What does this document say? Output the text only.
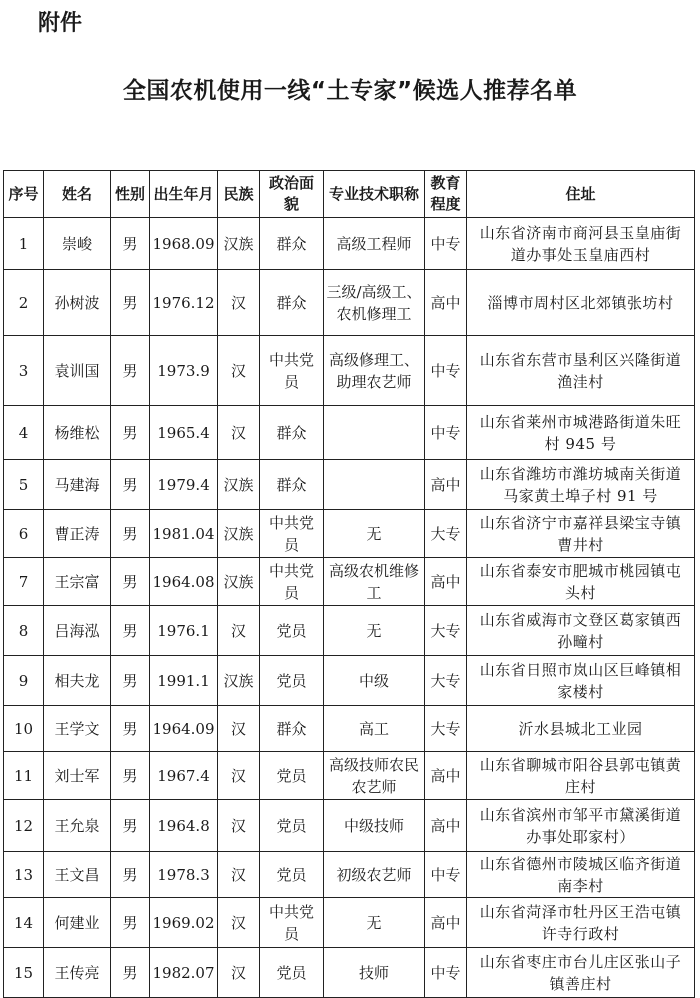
附件
全国农机使用一线“土专家”候选人推荐名单
序号	姓名	性别	出生年月	民族	政治面貌	专业技术职称	教育程度	住址
1	崇峻	男	1968.09	汉族	群众	高级工程师	中专	山东省济南市商河县玉皇庙街道办事处玉皇庙西村
2	孙树波	男	1976.12	汉	群众	三级/高级工、农机修理工	高中	淄博市周村区北郊镇张坊村
3	袁训国	男	1973.9	汉	中共党员	高级修理工、助理农艺师	中专	山东省东营市垦利区兴隆街道渔洼村
4	杨维松	男	1965.4	汉	群众		中专	山东省莱州市城港路街道朱旺村 945 号
5	马建海	男	1979.4	汉族	群众		高中	山东省潍坊市潍坊城南关街道马家黄土埠子村 91 号
6	曹正涛	男	1981.04	汉族	中共党员	无	大专	山东省济宁市嘉祥县梁宝寺镇曹井村
7	王宗富	男	1964.08	汉族	中共党员	高级农机维修工	高中	山东省泰安市肥城市桃园镇屯头村
8	吕海泓	男	1976.1	汉	党员	无	大专	山东省威海市文登区葛家镇西孙疃村
9	相夫龙	男	1991.1	汉族	党员	中级	大专	山东省日照市岚山区巨峰镇相家楼村
10	王学文	男	1964.09	汉	群众	高工	大专	沂水县城北工业园
11	刘士军	男	1967.4	汉	党员	高级技师农民农艺师	高中	山东省聊城市阳谷县郭屯镇黄庄村
12	王允泉	男	1964.8	汉	党员	中级技师	高中	山东省滨州市邹平市黛溪街道办事处耶家村）
13	王文昌	男	1978.3	汉	党员	初级农艺师	中专	山东省德州市陵城区临齐街道南李村
14	何建业	男	1969.02	汉	中共党员	无	高中	山东省菏泽市牡丹区王浩屯镇许寺行政村
15	王传亮	男	1982.07	汉	党员	技师	中专	山东省枣庄市台儿庄区张山子镇善庄村
